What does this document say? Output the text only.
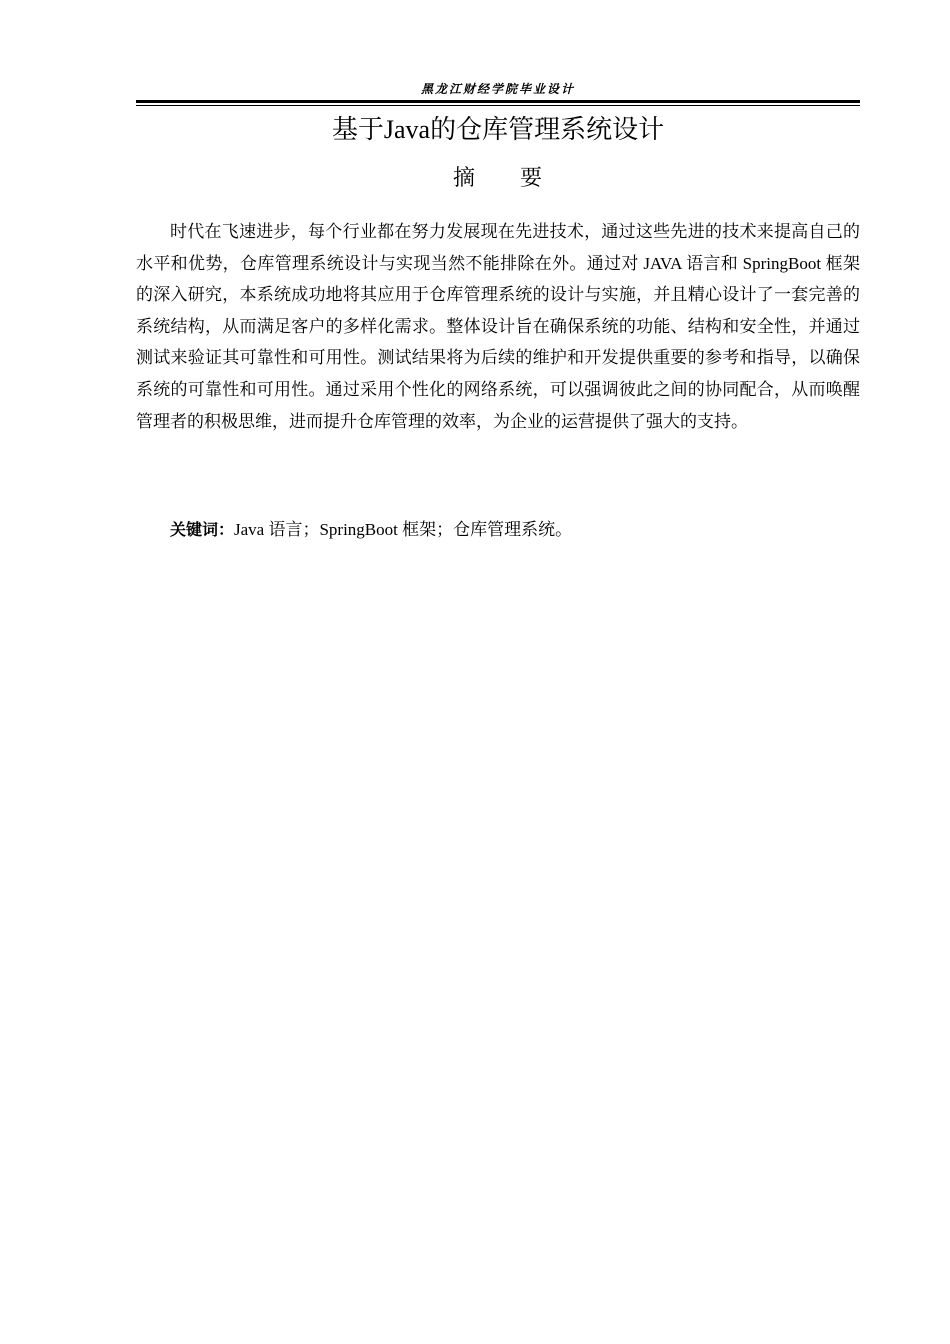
黑龙江财经学院毕业设计
基于Java的仓库管理系统设计
摘 要

时代在飞速进步，每个行业都在努力发展现在先进技术，通过这些先进的技术来提高自己的水平和优势，仓库管理系统设计与实现当然不能排除在外。通过对 JAVA 语言和 SpringBoot 框架的深入研究，本系统成功地将其应用于仓库管理系统的设计与实施，并且精心设计了一套完善的系统结构，从而满足客户的多样化需求。整体设计旨在确保系统的功能、结构和安全性，并通过测试来验证其可靠性和可用性。测试结果将为后续的维护和开发提供重要的参考和指导，以确保系统的可靠性和可用性。通过采用个性化的网络系统，可以强调彼此之间的协同配合，从而唤醒管理者的积极思维，进而提升仓库管理的效率，为企业的运营提供了强大的支持。

关键词：Java 语言；SpringBoot 框架；仓库管理系统。
